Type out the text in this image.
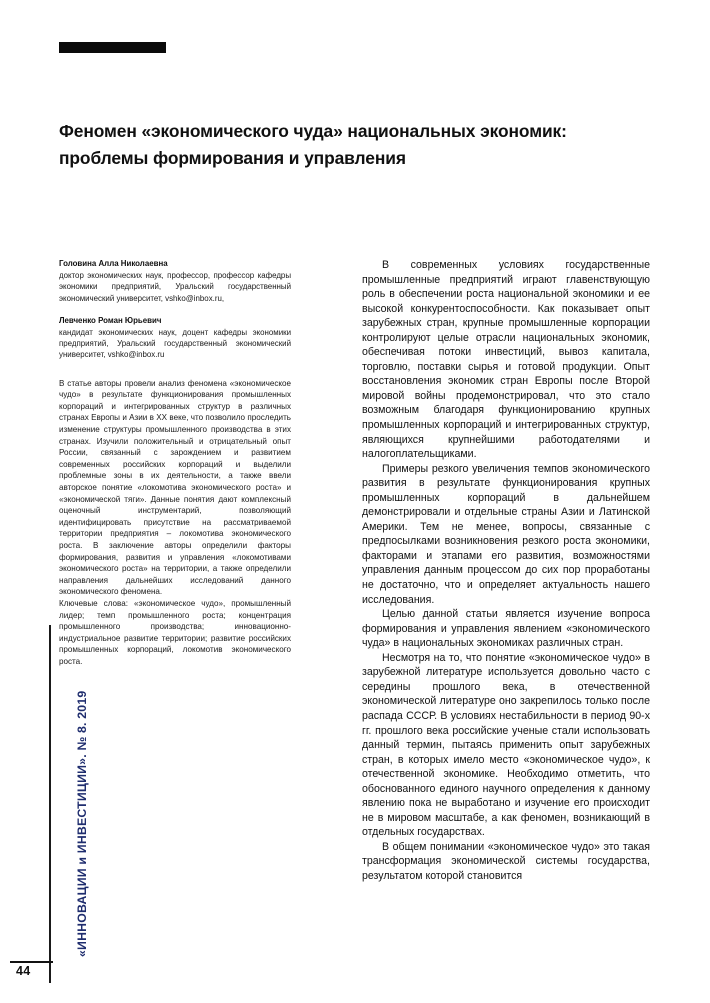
Феномен «экономического чуда» национальных экономик: проблемы формирования и управления

Головина Алла Николаевна

доктор экономических наук, профессор, профессор кафедры экономики предприятий, Уральский государственный экономический университет, vshko@inbox.ru,

Левченко Роман Юрьевич

кандидат экономических наук, доцент кафедры экономики предприятий, Уральский государственный экономический университет, vshko@inbox.ru

В статье авторы провели анализ феномена «экономическое чудо» в результате функционирования промышленных корпораций и интегрированных структур в различных странах Европы и Азии в XX веке, что позволило проследить изменение структуры промышленного производства в этих странах. Изучили положительный и отрицательный опыт России, связанный с зарождением и развитием современных российских корпораций и выделили проблемные зоны в их деятельности, а также ввели авторское понятие «локомотива экономического роста» и «экономической тяги». Данные понятия дают комплексный оценочный инструментарий, позволяющий идентифицировать присутствие на рассматриваемой территории предприятия – локомотива экономического роста. В заключение авторы определили факторы формирования, развития и управления «локомотивами экономического роста» на территории, а также определили направления дальнейших исследований данного экономического феномена.

Ключевые слова: «экономическое чудо», промышленный лидер; темп промышленного роста; концентрация промышленного производства; инновационно-индустриальное развитие территории; развитие российских промышленных корпораций, локомотив экономического роста.

В современных условиях государственные промышленные предприятий играют главенствующую роль в обеспечении роста национальной экономики и ее высокой конкурентоспособности. Как показывает опыт зарубежных стран, крупные промышленные корпорации контролируют целые отрасли национальных экономик, обеспечивая потоки инвестиций, вывоз капитала, торговлю, поставки сырья и готовой продукции. Опыт восстановления экономик стран Европы после Второй мировой войны продемонстрировал, что это стало возможным благодаря функционированию крупных промышленных корпораций и интегрированных структур, являющихся крупнейшими работодателями и налогоплательщиками.

Примеры резкого увеличения темпов экономического развития в результате функционирования крупных промышленных корпораций в дальнейшем демонстрировали и отдельные страны Азии и Латинской Америки. Тем не менее, вопросы, связанные с предпосылками возникновения резкого роста экономики, факторами и этапами его развития, возможностями управления данным процессом до сих пор проработаны не достаточно, что и определяет актуальность нашего исследования.

Целью данной статьи является изучение вопроса формирования и управления явлением «экономического чуда» в национальных экономиках различных стран.

Несмотря на то, что понятие «экономическое чудо» в зарубежной литературе используется довольно часто с середины прошлого века, в отечественной экономической литературе оно закрепилось только после распада СССР. В условиях нестабильности в период 90-х гг. прошлого века российские ученые стали использовать данный термин, пытаясь применить опыт зарубежных стран, в которых имело место «экономическое чудо», к отечественной экономике. Необходимо отметить, что обоснованного единого научного определения к данному явлению пока не выработано и изучение его происходит не в мировом масштабе, а как феномен, возникающий в отдельных государствах.

В общем понимании «экономическое чудо» это такая трансформация экономической системы государства, результатом которой становится

«ИННОВАЦИИ и ИНВЕСТИЦИИ». № 8. 2019
44
